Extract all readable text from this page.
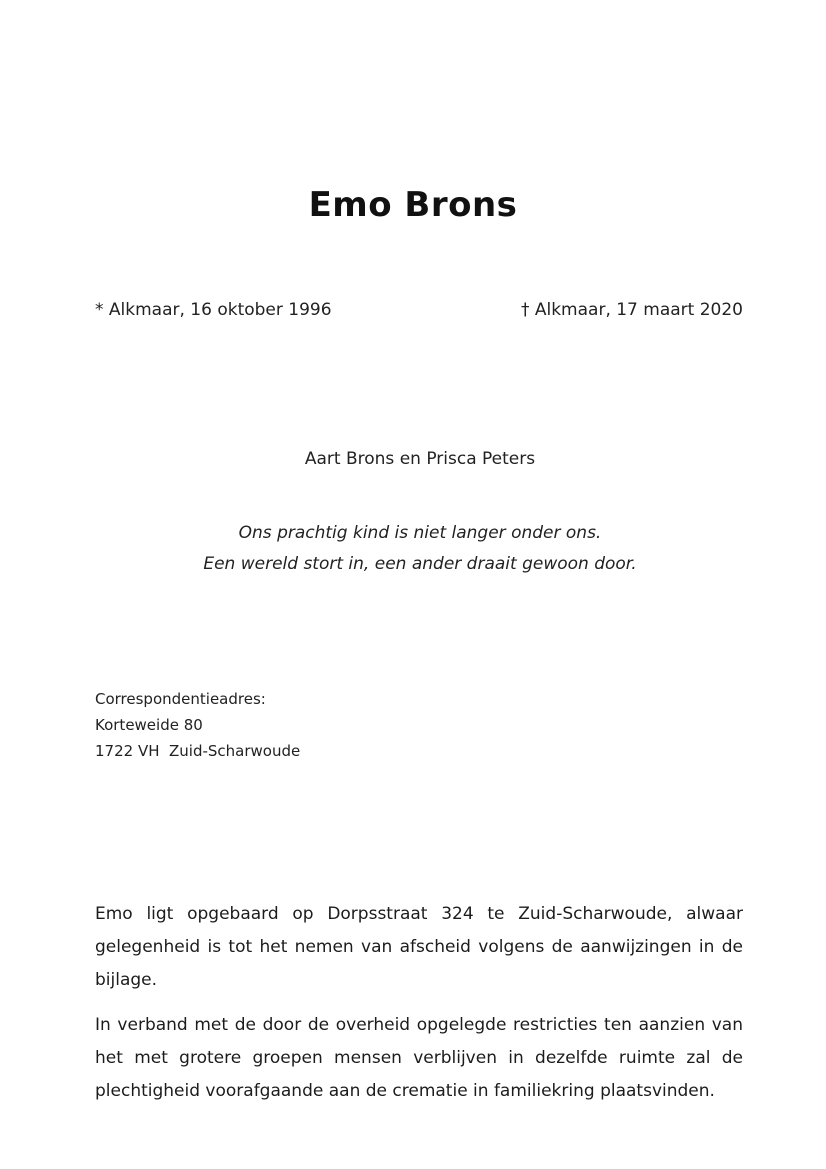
Emo Brons
* Alkmaar, 16 oktober 1996	† Alkmaar, 17 maart 2020
Aart Brons en Prisca Peters
Ons prachtig kind is niet langer onder ons.
Een wereld stort in, een ander draait gewoon door.
Correspondentieadres:
Korteweide 80
1722 VH  Zuid-Scharwoude
Emo ligt opgebaard op Dorpsstraat 324 te Zuid-Scharwoude, alwaar gelegenheid is tot het nemen van afscheid volgens de aanwijzingen in de bijlage.
In verband met de door de overheid opgelegde restricties ten aanzien van het met grotere groepen mensen verblijven in dezelfde ruimte zal de plechtigheid voorafgaande aan de crematie in familiekring plaatsvinden.
